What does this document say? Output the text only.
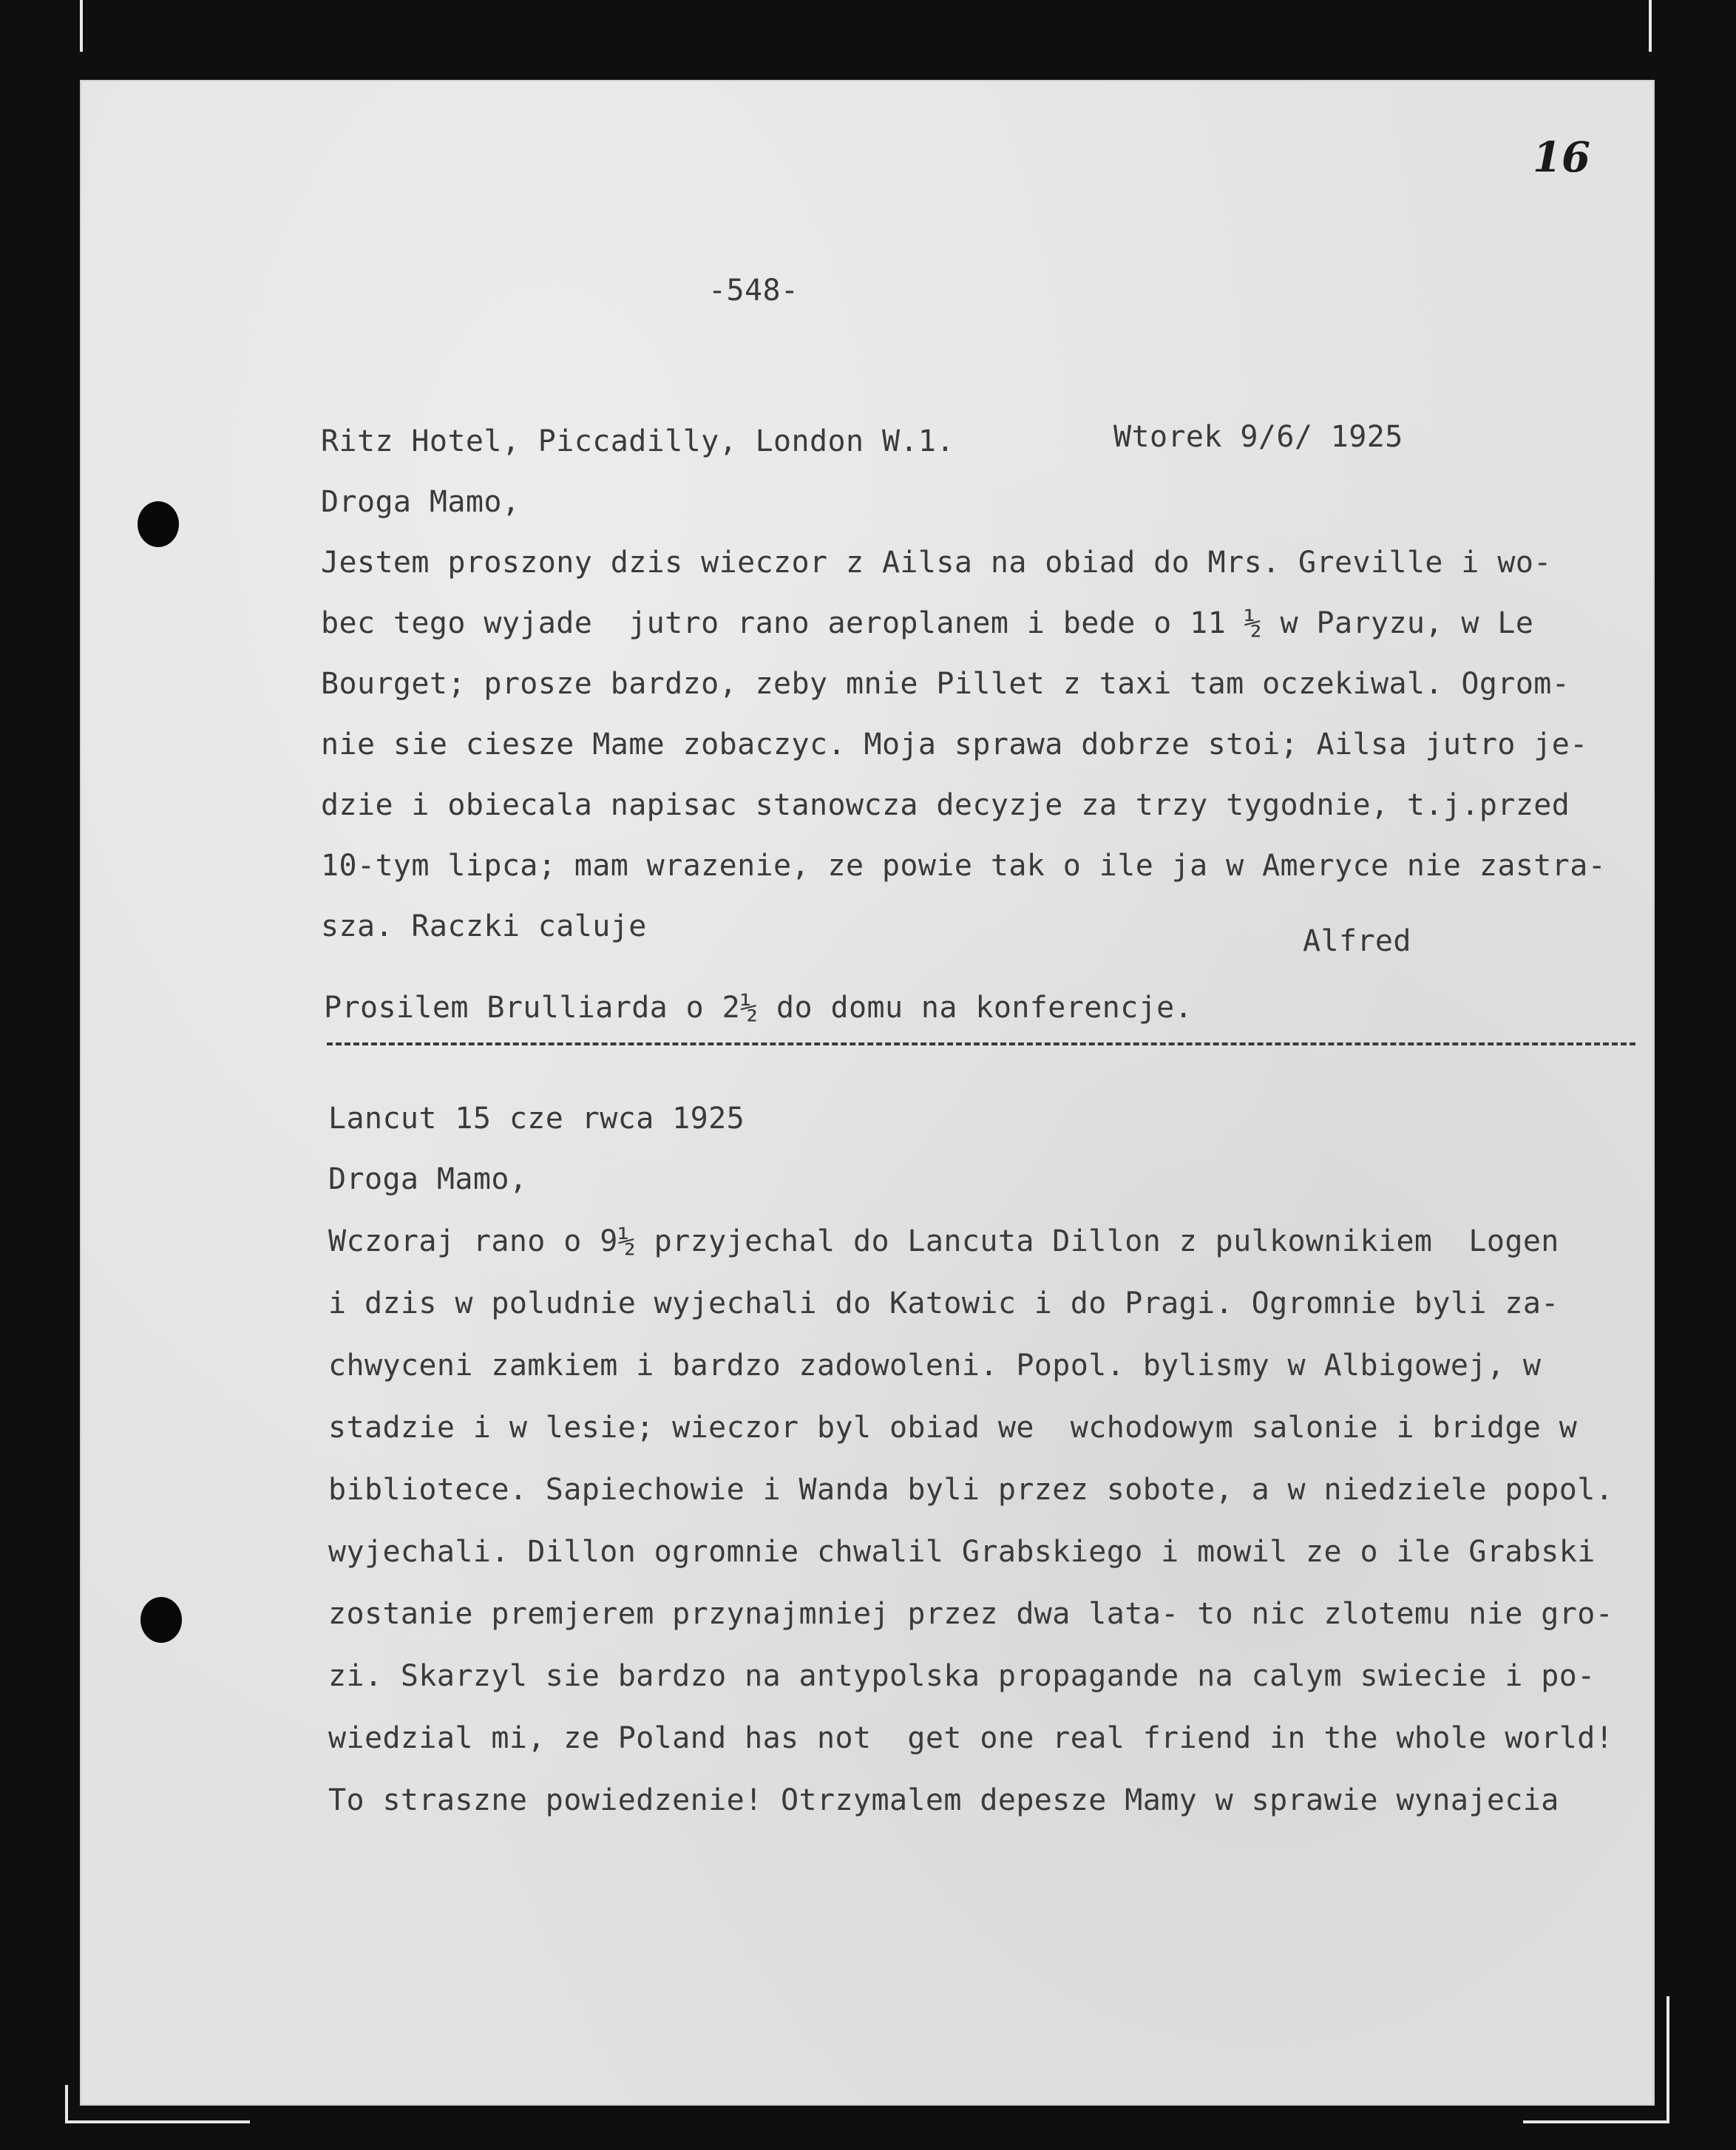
16
-548-
Ritz Hotel, Piccadilly, London W.1.	Wtorek 9/6/ 1925
Droga Mamo,
Jestem proszony dzis wieczor z Ailsa na obiad do Mrs. Greville i wo-
bec tego wyjade  jutro rano aeroplanem i bede o 11 ½ w Paryzu, w Le
Bourget; prosze bardzo, zeby mnie Pillet z taxi tam oczekiwal. Ogrom-
nie sie ciesze Mame zobaczyc. Moja sprawa dobrze stoi; Ailsa jutro je-
dzie i obiecala napisac stanowcza decyzje za trzy tygodnie, t.j.przed
10-tym lipca; mam wrazenie, ze powie tak o ile ja w Ameryce nie zastra-
sza. Raczki caluje	Alfred
Prosilem Brulliarda o 2½ do domu na konferencje.
Lancut 15 cze rwca 1925
Droga Mamo,
Wczoraj rano o 9½ przyjechal do Lancuta Dillon z pulkownikiem  Logen
i dzis w poludnie wyjechali do Katowic i do Pragi. Ogromnie byli za-
chwyceni zamkiem i bardzo zadowoleni. Popol. bylismy w Albigowej, w
stadzie i w lesie; wieczor byl obiad we  wchodowym salonie i bridge w
bibliotece. Sapiechowie i Wanda byli przez sobote, a w niedziele popol.
wyjechali. Dillon ogromnie chwalil Grabskiego i mowil ze o ile Grabski
zostanie premjerem przynajmniej przez dwa lata- to nic zlotemu nie gro-
zi. Skarzyl sie bardzo na antypolska propagande na calym swiecie i po-
wiedzial mi, ze Poland has not  get one real friend in the whole world!
To straszne powiedzenie! Otrzymalem depesze Mamy w sprawie wynajecia
